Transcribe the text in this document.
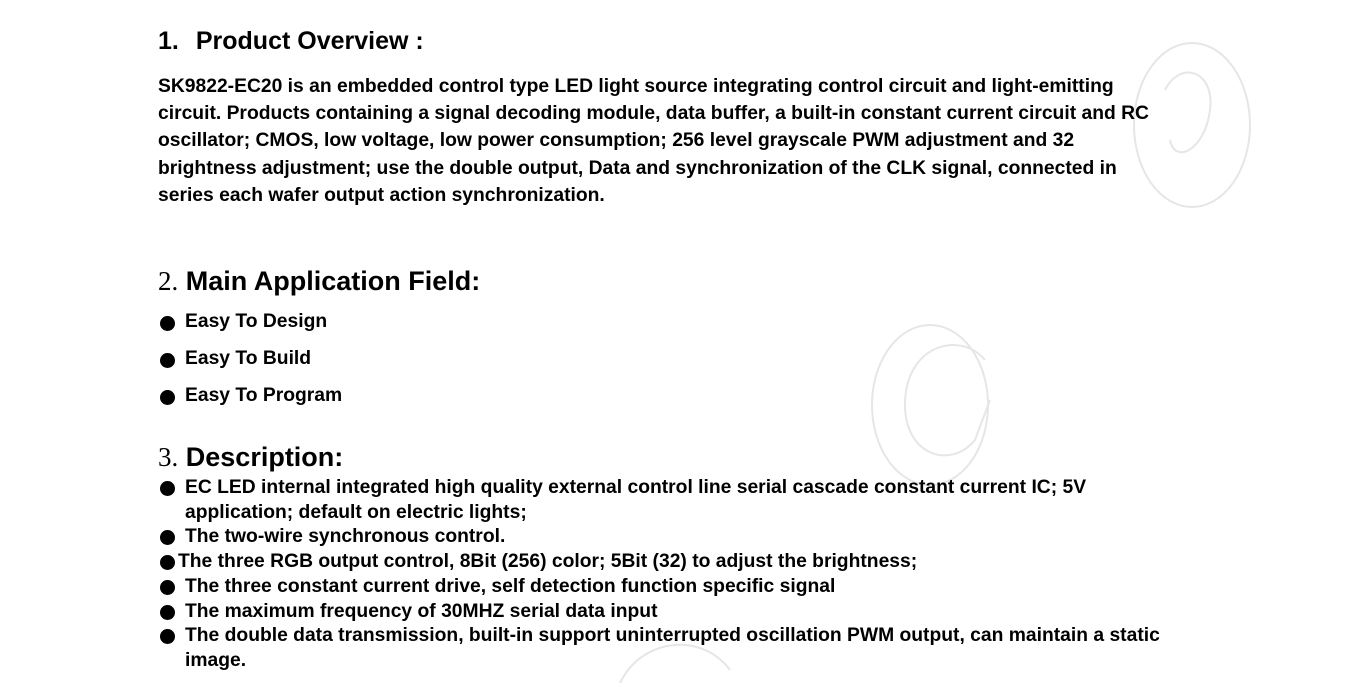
1. Product Overview :
SK9822-EC20 is an embedded control type LED light source integrating control circuit and light-emitting circuit. Products containing a signal decoding module, data buffer, a built-in constant current circuit and RC oscillator; CMOS, low voltage, low power consumption; 256 level grayscale PWM adjustment and 32 brightness adjustment; use the double output, Data and synchronization of the CLK signal, connected in series each wafer output action synchronization.
2. Main Application Field:
Easy To Design
Easy To Build
Easy To Program
3. Description:
EC LED internal integrated high quality external control line serial cascade constant current IC; 5V application; default on electric lights;
The two-wire synchronous control.
The three RGB output control, 8Bit (256) color; 5Bit (32) to adjust the brightness;
The three constant current drive, self detection function specific signal
The maximum frequency of 30MHZ serial data input
The double data transmission, built-in support uninterrupted oscillation PWM output, can maintain a static image.
